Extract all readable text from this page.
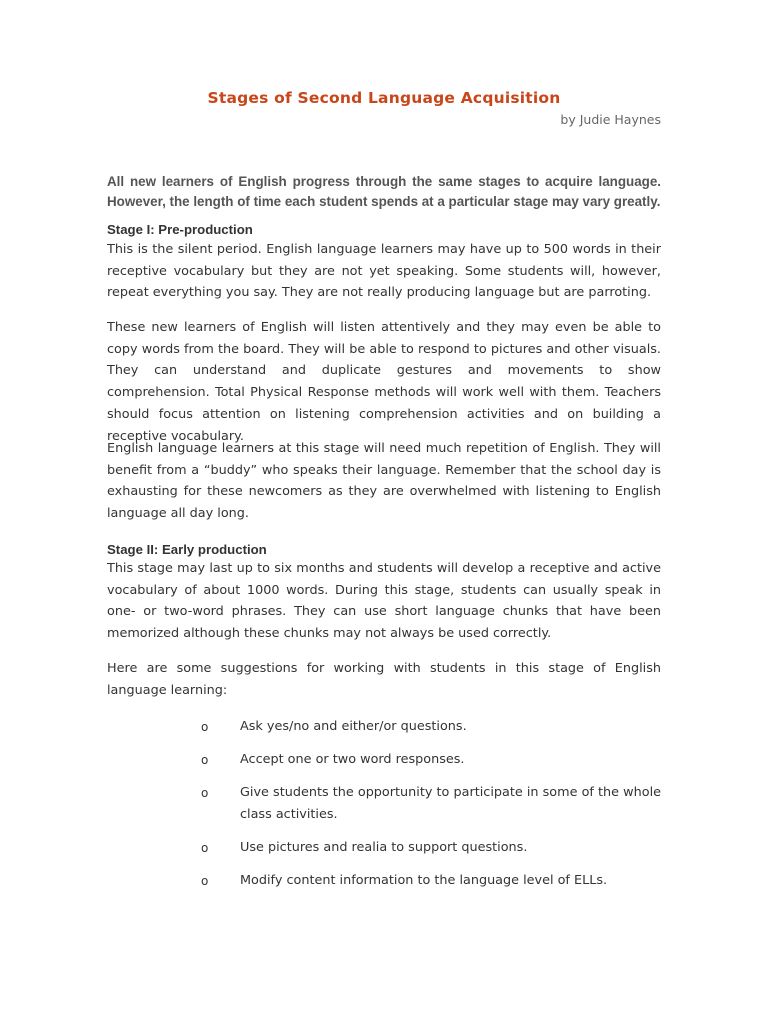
Stages of Second Language Acquisition
by Judie Haynes
All new learners of English progress through the same stages to acquire language. However, the length of time each student spends at a particular stage may vary greatly.
Stage I: Pre-production
This is the silent period. English language learners may have up to 500 words in their receptive vocabulary but they are not yet speaking. Some students will, however, repeat everything you say. They are not really producing language but are parroting.
These new learners of English will listen attentively and they may even be able to copy words from the board. They will be able to respond to pictures and other visuals. They can understand and duplicate gestures and movements to show comprehension. Total Physical Response methods will work well with them. Teachers should focus attention on listening comprehension activities and on building a receptive vocabulary.
English language learners at this stage will need much repetition of English. They will benefit from a “buddy” who speaks their language. Remember that the school day is exhausting for these newcomers as they are overwhelmed with listening to English language all day long.
Stage II: Early production
This stage may last up to six months and students will develop a receptive and active vocabulary of about 1000 words. During this stage, students can usually speak in one- or two-word phrases. They can use short language chunks that have been memorized although these chunks may not always be used correctly.
Here are some suggestions for working with students in this stage of English language learning:
o Ask yes/no and either/or questions.
o Accept one or two word responses.
o Give students the opportunity to participate in some of the whole class activities.
o Use pictures and realia to support questions.
o Modify content information to the language level of ELLs.
